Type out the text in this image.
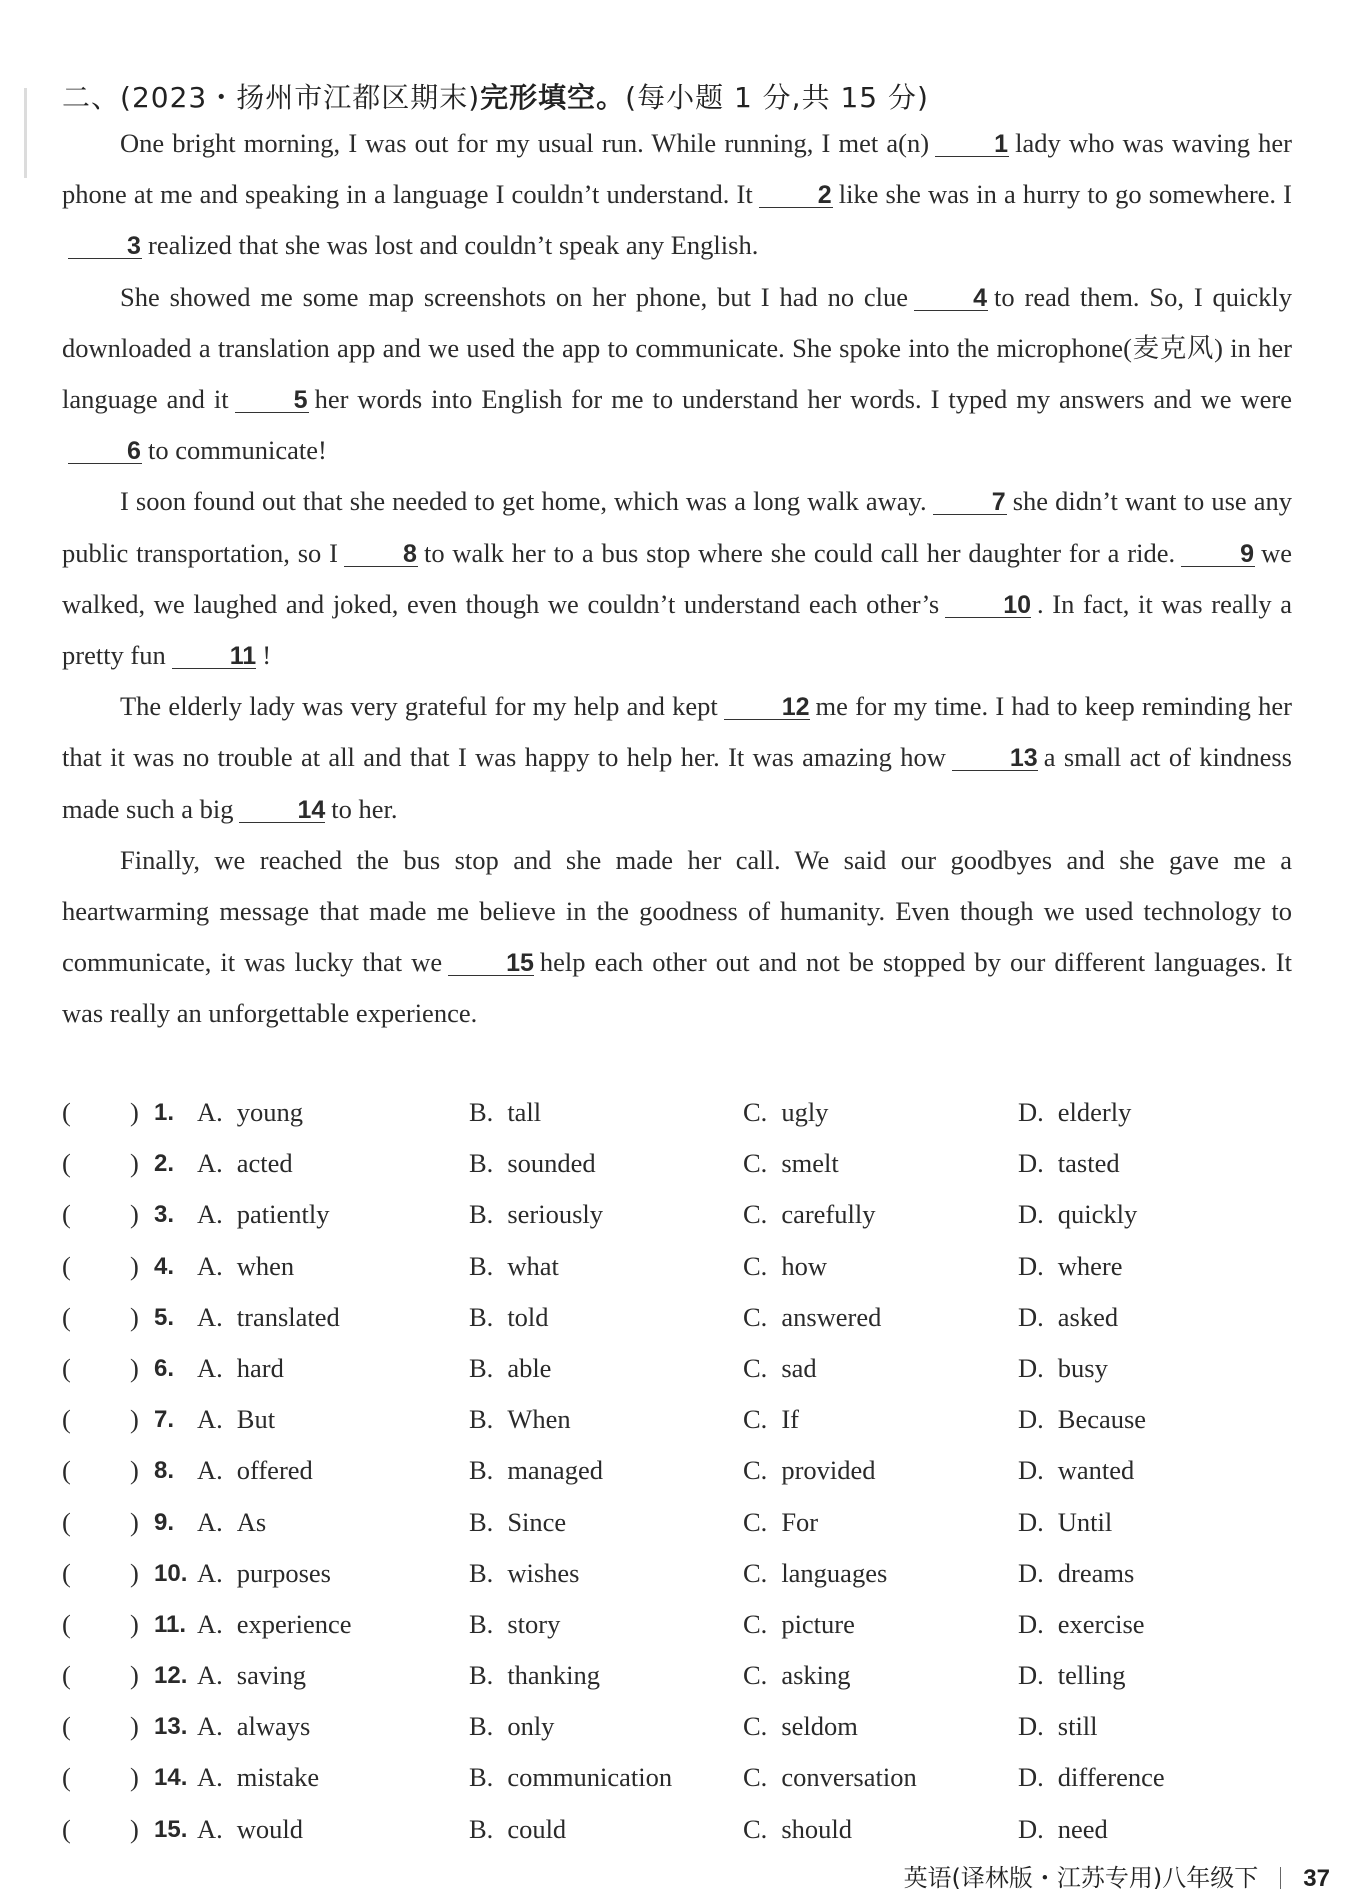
二、(2023・扬州市江都区期末)完形填空。(每小题 1 分,共 15 分)

One bright morning, I was out for my usual run. While running, I met a(n)	1 lady who was waving her phone at me and speaking in a language I couldn’t understand. It	2 like she was in a hurry to go somewhere. I3 realized that she was lost and couldn’t speak any English.

She showed me some map screenshots on her phone, but I had no clue	4 to read them. So, I quickly downloaded a translation app and we used the app to communicate. She spoke into the microphone(麦克风) in her language and it	5 her words into English for me to understand her words. I typed my answers and we were6 to communicate!

I soon found out that she needed to get home, which was a long walk away.	7 she didn’t want to use any public transportation, so I	8 to walk her to a bus stop where she could call her daughter for a ride.	9 we walked, we laughed and joked, even though we couldn’t understand each other’s	10 . In fact, it was really a pretty fun	11 !

The elderly lady was very grateful for my help and kept	12 me for my time. I had to keep reminding her that it was no trouble at all and that I was happy to help her. It was amazing how	13 a small act of kindness made such a big	14 to her.

Finally, we reached the bus stop and she made her call. We said our goodbyes and she gave me a heartwarming message that made me believe in the goodness of humanity. Even though we used technology to communicate, it was lucky that we	15 help each other out and not be stopped by our different languages. It was really an unforgettable experience.

( ) 1. A. young	B. tall	C. ugly	D. elderly
( ) 2. A. acted	B. sounded	C. smelt	D. tasted
( ) 3. A. patiently	B. seriously	C. carefully	D. quickly
( ) 4. A. when	B. what	C. how	D. where
( ) 5. A. translated	B. told	C. answered	D. asked
( ) 6. A. hard	B. able	C. sad	D. busy
( ) 7. A. But	B. When	C. If	D. Because
( ) 8. A. offered	B. managed	C. provided	D. wanted
( ) 9. A. As	B. Since	C. For	D. Until
( ) 10. A. purposes	B. wishes	C. languages	D. dreams
( ) 11. A. experience	B. story	C. picture	D. exercise
( ) 12. A. saving	B. thanking	C. asking	D. telling
( ) 13. A. always	B. only	C. seldom	D. still
( ) 14. A. mistake	B. communication	C. conversation	D. difference
( ) 15. A. would	B. could	C. should	D. need
英语(译林版・江苏专用)八年级下 37
